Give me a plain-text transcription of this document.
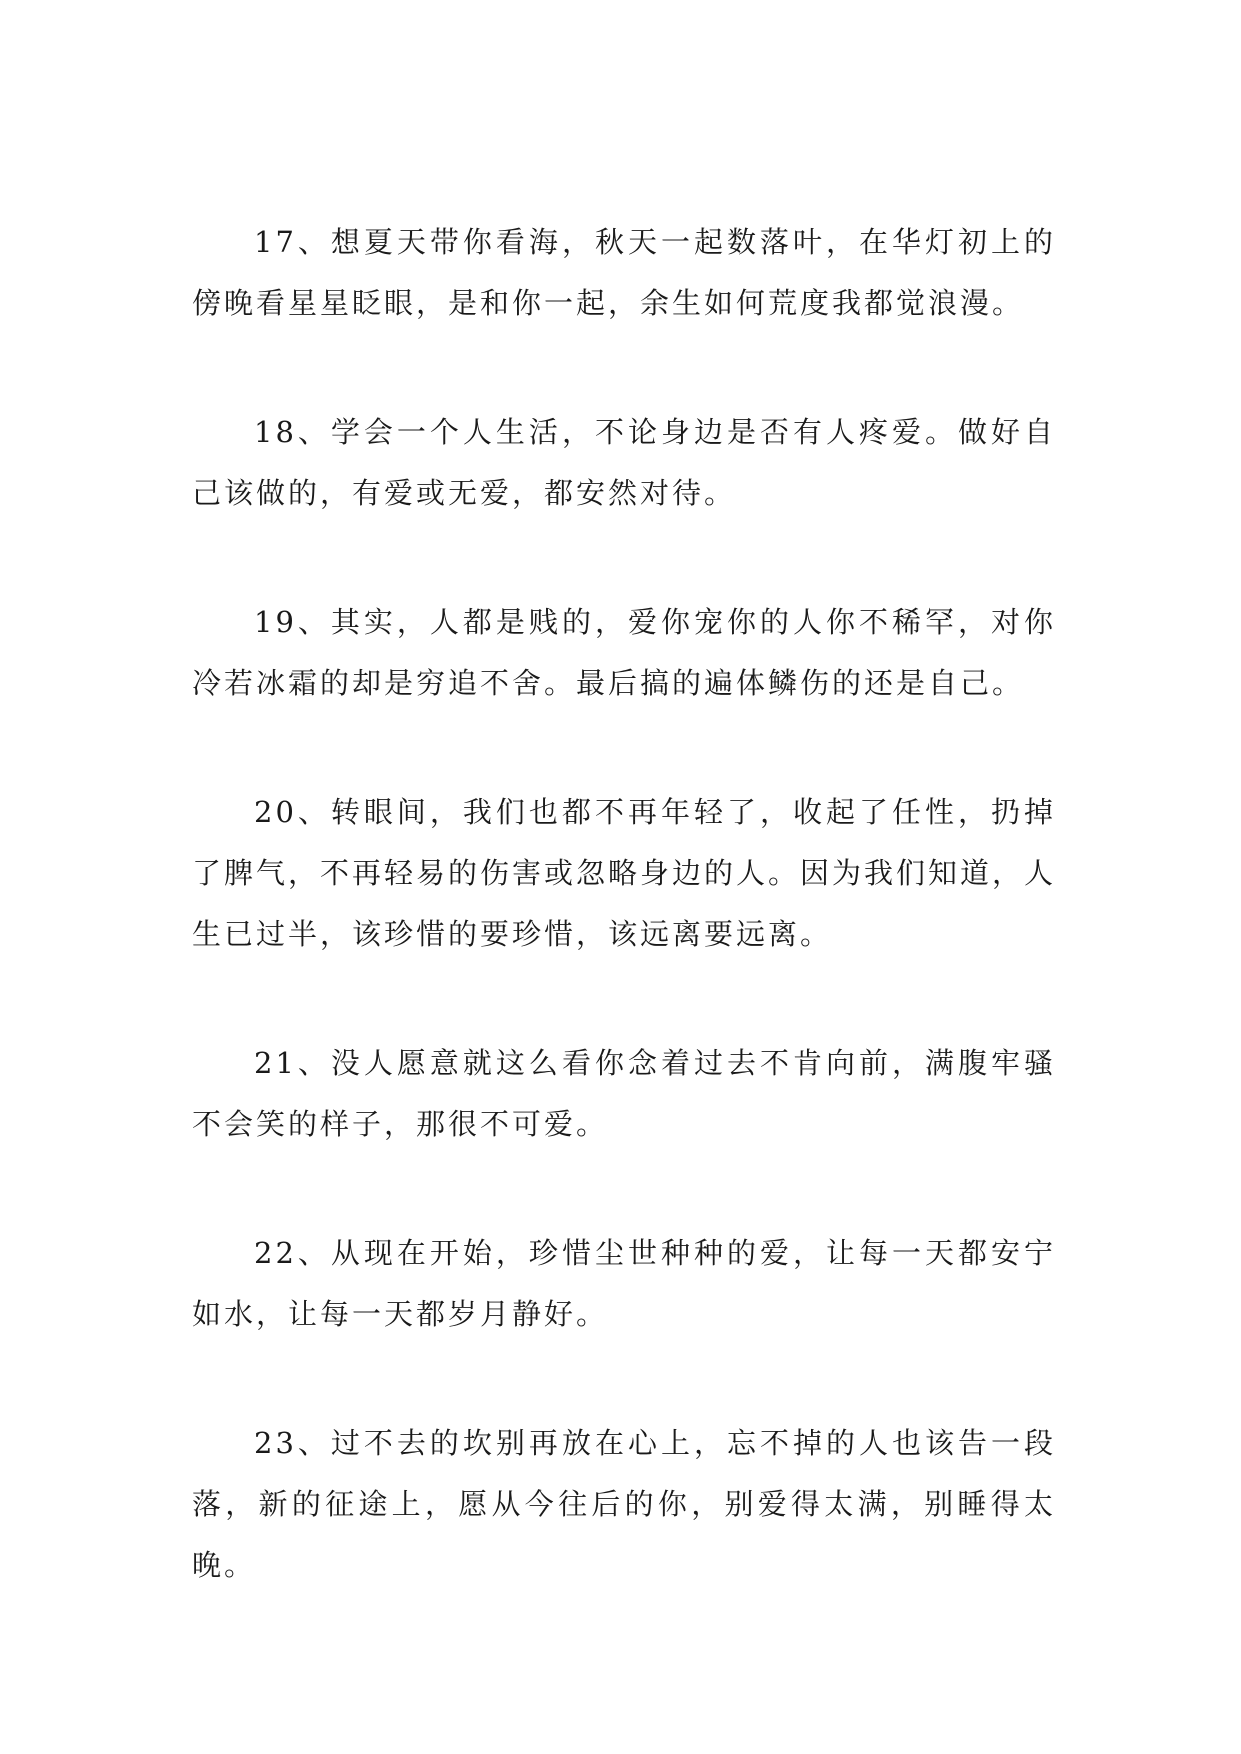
17、想夏天带你看海，秋天一起数落叶，在华灯初上的傍晚看星星眨眼，是和你一起，余生如何荒度我都觉浪漫。

18、学会一个人生活，不论身边是否有人疼爱。做好自己该做的，有爱或无爱，都安然对待。

19、其实，人都是贱的，爱你宠你的人你不稀罕，对你冷若冰霜的却是穷追不舍。最后搞的遍体鳞伤的还是自己。

20、转眼间，我们也都不再年轻了，收起了任性，扔掉了脾气，不再轻易的伤害或忽略身边的人。因为我们知道，人生已过半，该珍惜的要珍惜，该远离要远离。

21、没人愿意就这么看你念着过去不肯向前，满腹牢骚不会笑的样子，那很不可爱。

22、从现在开始，珍惜尘世种种的爱，让每一天都安宁如水，让每一天都岁月静好。

23、过不去的坎别再放在心上，忘不掉的人也该告一段落，新的征途上，愿从今往后的你，别爱得太满，别睡得太晚。
